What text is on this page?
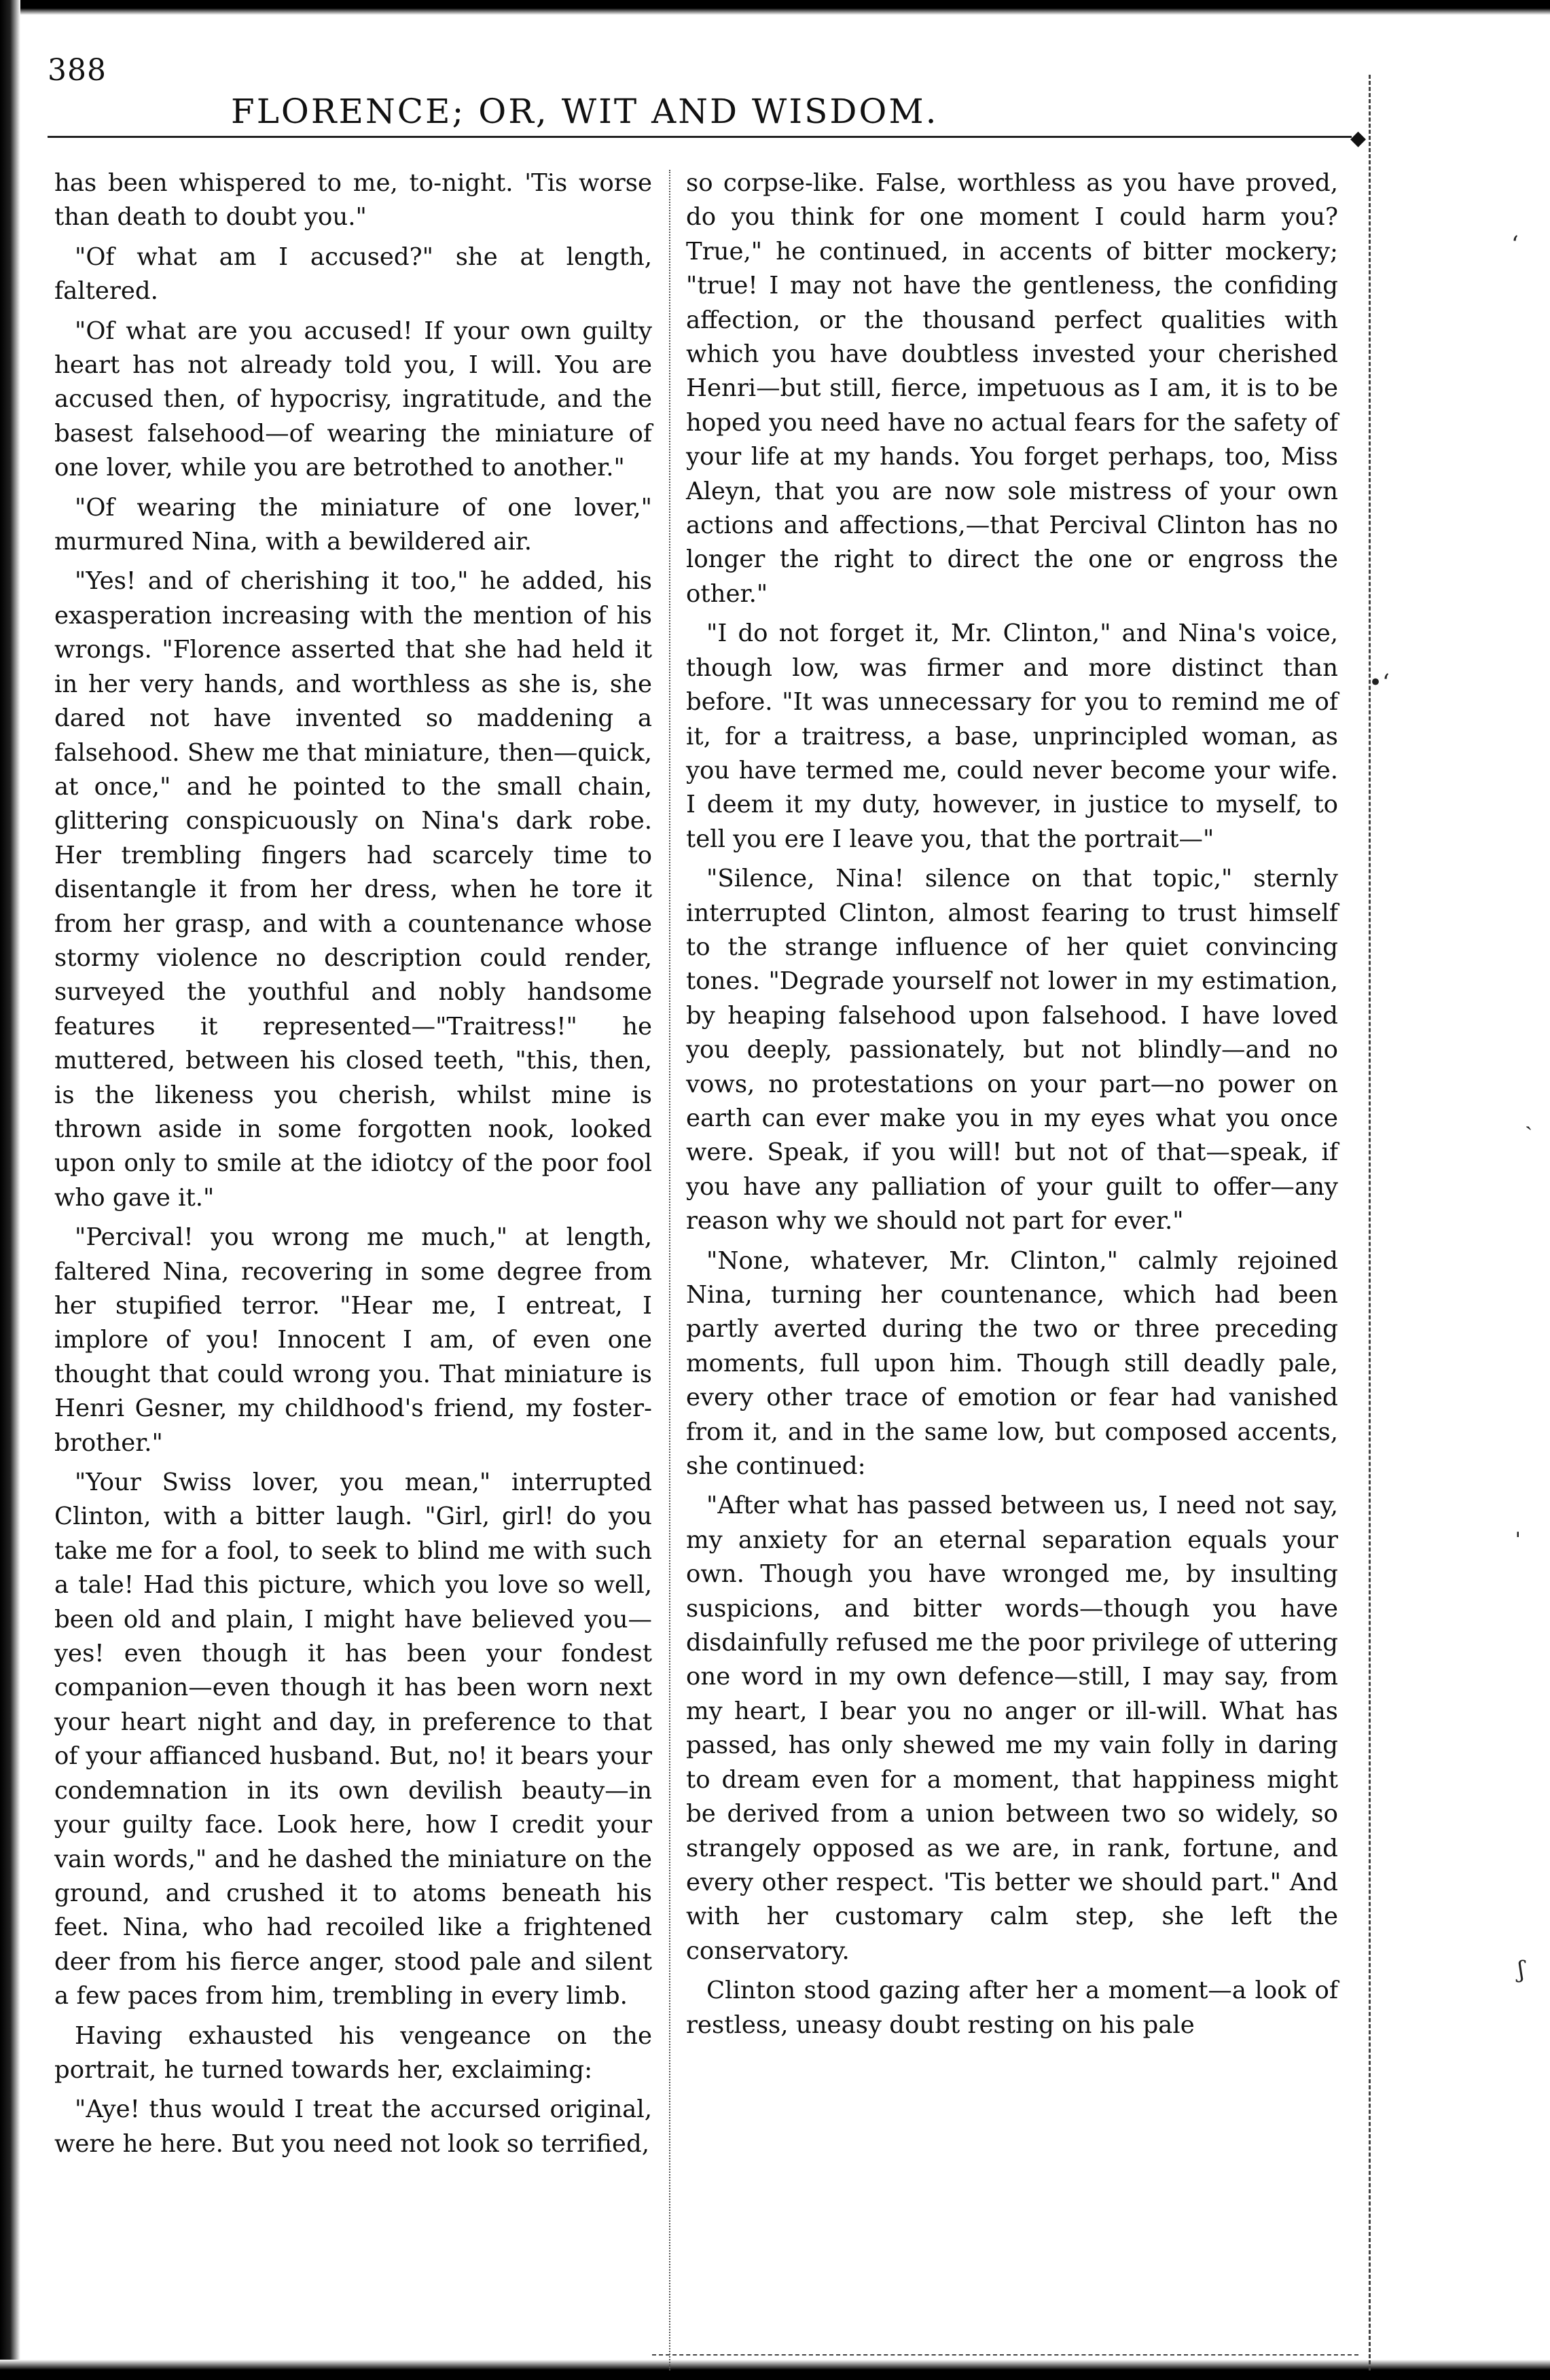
388
FLORENCE; OR, WIT AND WISDOM.
◆

has been whispered to me, to-night. 'Tis worse than death to doubt you."

"Of what am I accused?" she at length, faltered.

"Of what are you accused! If your own guilty heart has not already told you, I will. You are accused then, of hypocrisy, ingratitude, and the basest falsehood—of wearing the miniature of one lover, while you are betrothed to another."

"Of wearing the miniature of one lover," murmured Nina, with a bewildered air.

"Yes! and of cherishing it too," he added, his exasperation increasing with the mention of his wrongs. "Florence asserted that she had held it in her very hands, and worthless as she is, she dared not have invented so maddening a falsehood. Shew me that miniature, then—quick, at once," and he pointed to the small chain, glittering conspicuously on Nina's dark robe. Her trembling fingers had scarcely time to disentangle it from her dress, when he tore it from her grasp, and with a countenance whose stormy violence no description could render, surveyed the youthful and nobly handsome features it represented—"Traitress!" he muttered, between his closed teeth, "this, then, is the likeness you cherish, whilst mine is thrown aside in some forgotten nook, looked upon only to smile at the idiotcy of the poor fool who gave it."

"Percival! you wrong me much," at length, faltered Nina, recovering in some degree from her stupified terror. "Hear me, I entreat, I implore of you! Innocent I am, of even one thought that could wrong you. That miniature is Henri Gesner, my childhood's friend, my foster-brother."

"Your Swiss lover, you mean," interrupted Clinton, with a bitter laugh. "Girl, girl! do you take me for a fool, to seek to blind me with such a tale! Had this picture, which you love so well, been old and plain, I might have believed you—yes! even though it has been your fondest companion—even though it has been worn next your heart night and day, in preference to that of your affianced husband. But, no! it bears your condemnation in its own devilish beauty—in your guilty face. Look here, how I credit your vain words," and he dashed the miniature on the ground, and crushed it to atoms beneath his feet. Nina, who had recoiled like a frightened deer from his fierce anger, stood pale and silent a few paces from him, trembling in every limb.

Having exhausted his vengeance on the portrait, he turned towards her, exclaiming:

"Aye! thus would I treat the accursed original, were he here. But you need not look so terrified,

so corpse-like. False, worthless as you have proved, do you think for one moment I could harm you? True," he continued, in accents of bitter mockery; "true! I may not have the gentleness, the confiding affection, or the thousand perfect qualities with which you have doubtless invested your cherished Henri—but still, fierce, impetuous as I am, it is to be hoped you need have no actual fears for the safety of your life at my hands. You forget perhaps, too, Miss Aleyn, that you are now sole mistress of your own actions and affections,—that Percival Clinton has no longer the right to direct the one or engross the other."

"I do not forget it, Mr. Clinton," and Nina's voice, though low, was firmer and more distinct than before. "It was unnecessary for you to remind me of it, for a traitress, a base, unprincipled woman, as you have termed me, could never become your wife. I deem it my duty, however, in justice to myself, to tell you ere I leave you, that the portrait—"

"Silence, Nina! silence on that topic," sternly interrupted Clinton, almost fearing to trust himself to the strange influence of her quiet convincing tones. "Degrade yourself not lower in my estimation, by heaping falsehood upon falsehood. I have loved you deeply, passionately, but not blindly—and no vows, no protestations on your part—no power on earth can ever make you in my eyes what you once were. Speak, if you will! but not of that—speak, if you have any palliation of your guilt to offer—any reason why we should not part for ever."

"None, whatever, Mr. Clinton," calmly rejoined Nina, turning her countenance, which had been partly averted during the two or three preceding moments, full upon him. Though still deadly pale, every other trace of emotion or fear had vanished from it, and in the same low, but composed accents, she continued:

"After what has passed between us, I need not say, my anxiety for an eternal separation equals your own. Though you have wronged me, by insulting suspicions, and bitter words—though you have disdainfully refused me the poor privilege of uttering one word in my own defence—still, I may say, from my heart, I bear you no anger or ill-will. What has passed, has only shewed me my vain folly in daring to dream even for a moment, that happiness might be derived from a union between two so widely, so strangely opposed as we are, in rank, fortune, and every other respect. 'Tis better we should part." And with her customary calm step, she left the conservatory.

Clinton stood gazing after her a moment—a look of restless, uneasy doubt resting on his pale

ʻ
•ʻ
ˎ
ˈ
ʃ
